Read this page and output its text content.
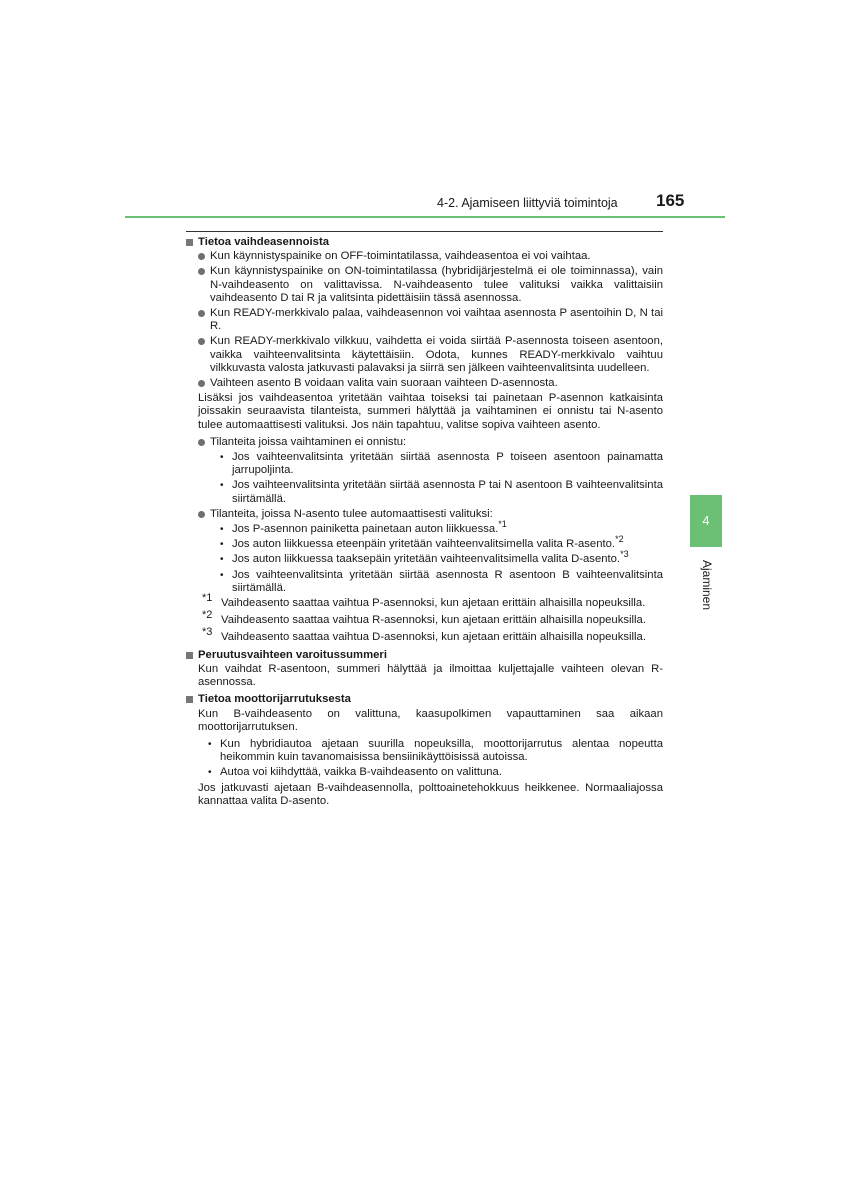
4-2. Ajamiseen liittyviä toimintoja 165
4
Ajaminen
Tietoa vaihdeasennoista
Kun käynnistyspainike on OFF-toimintatilassa, vaihdeasentoa ei voi vaihtaa.
Kun käynnistyspainike on ON-toimintatilassa (hybridijärjestelmä ei ole toiminnassa), vain N-vaihdeasento on valittavissa. N-vaihdeasento tulee valituksi vaikka valittaisiin vaihdeasento D tai R ja valitsinta pidettäisiin tässä asennossa.
Kun READY-merkkivalo palaa, vaihdeasennon voi vaihtaa asennosta P asentoihin D, N tai R.
Kun READY-merkkivalo vilkkuu, vaihdetta ei voida siirtää P-asennosta toiseen asentoon, vaikka vaihteenvalitsinta käytettäisiin. Odota, kunnes READY-merkkivalo vaihtuu vilkkuvasta valosta jatkuvasti palavaksi ja siirrä sen jälkeen vaihteenvalitsinta uudelleen.
Vaihteen asento B voidaan valita vain suoraan vaihteen D-asennosta.
Lisäksi jos vaihdeasentoa yritetään vaihtaa toiseksi tai painetaan P-asennon katkaisinta joissakin seuraavista tilanteista, summeri hälyttää ja vaihtaminen ei onnistu tai N-asento tulee automaattisesti valituksi. Jos näin tapahtuu, valitse sopiva vaihteen asento.
Tilanteita joissa vaihtaminen ei onnistu:
• Jos vaihteenvalitsinta yritetään siirtää asennosta P toiseen asentoon painamatta jarrupoljinta.
• Jos vaihteenvalitsinta yritetään siirtää asennosta P tai N asentoon B vaihteenvalitsinta siirtämällä.
Tilanteita, joissa N-asento tulee automaattisesti valituksi:
• Jos P-asennon painiketta painetaan auton liikkuessa.$^{*1}$
• Jos auton liikkuessa eteenpäin yritetään vaihteenvalitsimella valita R-asento.$^{*2}$
• Jos auton liikkuessa taaksepäin yritetään vaihteenvalitsimella valita D-asento.$^{*3}$
• Jos vaihteenvalitsinta yritetään siirtää asennosta R asentoon B vaihteenvalitsinta siirtämällä.
*1 Vaihdeasento saattaa vaihtua P-asennoksi, kun ajetaan erittäin alhaisilla nopeuksilla.
*2 Vaihdeasento saattaa vaihtua R-asennoksi, kun ajetaan erittäin alhaisilla nopeuksilla.
*3 Vaihdeasento saattaa vaihtua D-asennoksi, kun ajetaan erittäin alhaisilla nopeuksilla.
Peruutusvaihteen varoitussummeri
Kun vaihdat R-asentoon, summeri hälyttää ja ilmoittaa kuljettajalle vaihteen olevan R-asennossa.
Tietoa moottorijarrutuksesta
Kun B-vaihdeasento on valittuna, kaasupolkimen vapauttaminen saa aikaan moottorijarrutuksen.
• Kun hybridiautoa ajetaan suurilla nopeuksilla, moottorijarrutus alentaa nopeutta heikommin kuin tavanomaisissa bensiinikäyttöisissä autoissa.
• Autoa voi kiihdyttää, vaikka B-vaihdeasento on valittuna.
Jos jatkuvasti ajetaan B-vaihdeasennolla, polttoainetehokkuus heikkenee. Normaaliajossa kannattaa valita D-asento.
